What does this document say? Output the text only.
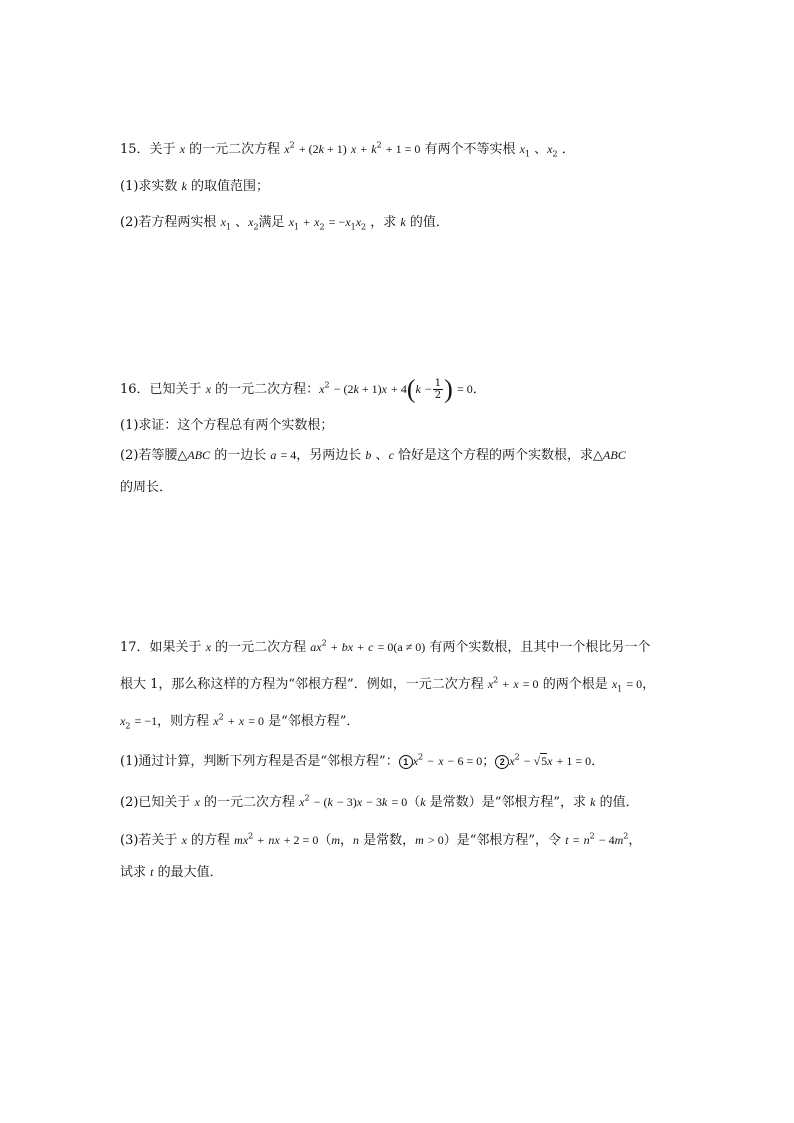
15．关于 x 的一元二次方程 $x^2 + (2k + 1) x + k^2 + 1 = 0$ 有两个不等实根 $x_1$ 、$x_2$ ．
(1)求实数 k 的取值范围；
(2)若方程两实根 $x_1$ 、$x_2$满足 $x_1 + x_2 = -x_1x_2$ ，求 k 的值．
16．已知关于 x 的一元二次方程：$x^2 - (2k + 1)x + 4(k - \frac{1}{2}$ ) = 0．
(1)求证：这个方程总有两个实数根；
(2)若等腰△ABC 的一边长 a = 4，另两边长 b 、c 恰好是这个方程的两个实数根，求△ABC
的周长．
17．如果关于 x 的一元二次方程 $ax^2$ + bx + c = 0(a ≠ 0) 有两个实数根，且其中一个根比另一个
根大 1，那么称这样的方程为“邻根方程”．例如，一元二次方程 $x^2 + x = 0$ 的两个根是 $x_1 = 0$，
$x_2 = -1$，则方程 $x^2 + x = 0$ 是“邻根方程”．
(1)通过计算，判断下列方程是否是“邻根方程”： 1 $x^2 - x - 6 = 0$； 2 $x^2 - √5x + 1 = 0$．
(2)已知关于 x 的一元二次方程 $x^2 - (k - 3)x - 3k = 0(k$ 是常数）是“邻根方程”，求 k 的值．
(3)若关于 x 的方程 $mx^2$ + nx + 2 = 0（m，n 是常数，m > 0）是“邻根方程”，令 $t = n^2 - 4m^2$，
试求 t 的最大值．
